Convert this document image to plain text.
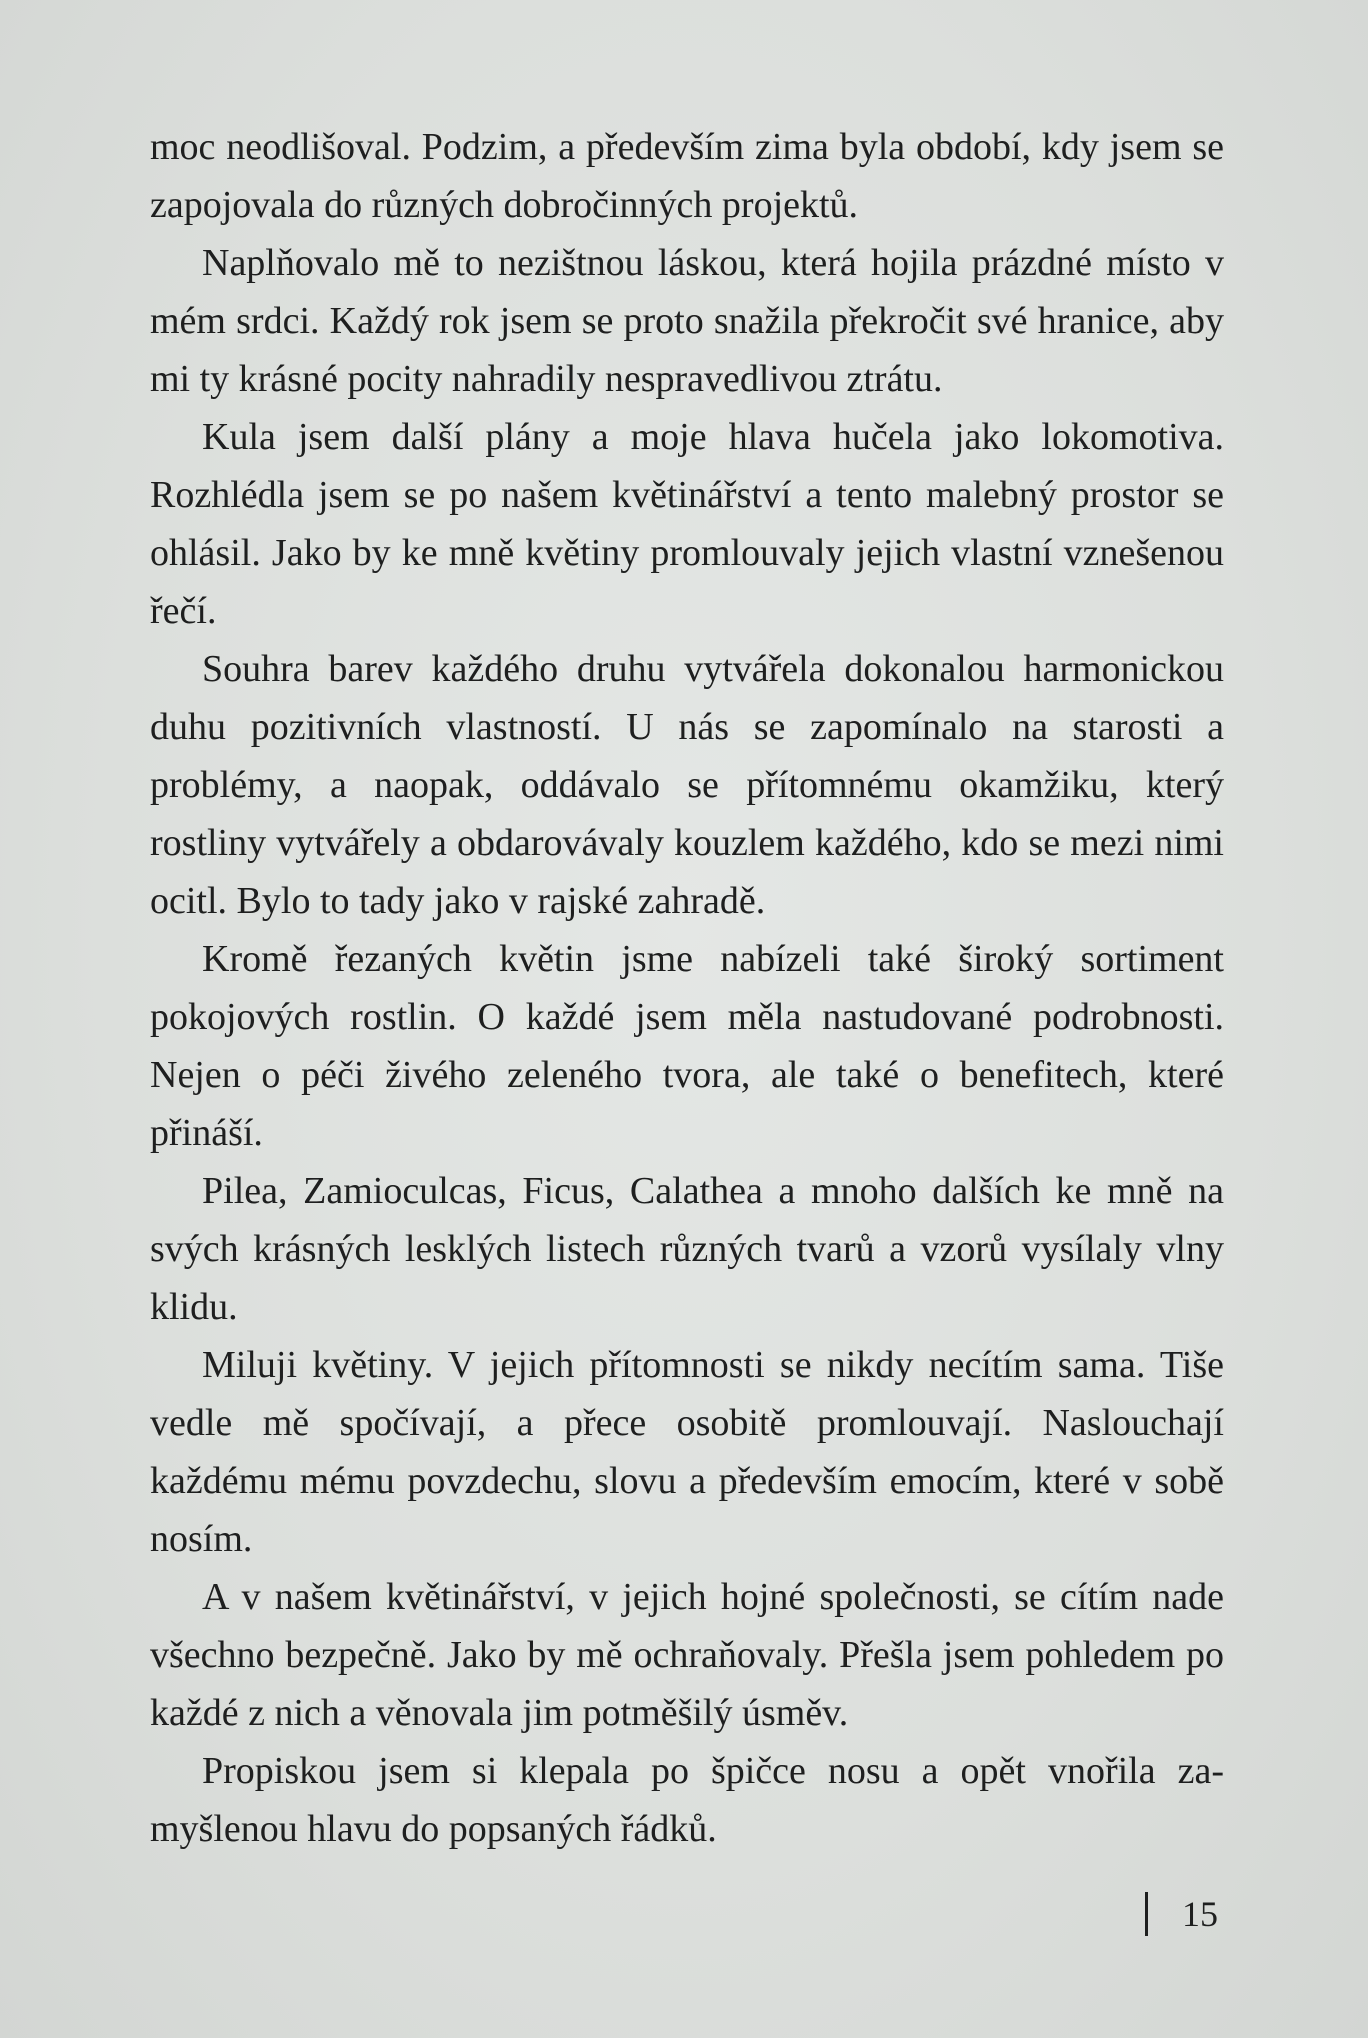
moc neodlišoval. Podzim, a především zima byla období, kdy jsem se zapojovala do různých dobročinných projektů.

Naplňovalo mě to nezištnou láskou, která hojila prázdné místo v mém srdci. Každý rok jsem se proto snažila překročit své hranice, aby mi ty krásné pocity nahradily nespravedlivou ztrátu.

Kula jsem další plány a moje hlava hučela jako lokomotiva. Rozhlédla jsem se po našem květinářství a tento malebný prostor se ohlásil. Jako by ke mně květiny promlouvaly jejich vlastní vznešenou řečí.

Souhra barev každého druhu vytvářela dokonalou harmonickou duhu pozitivních vlastností. U nás se zapomínalo na starosti a problémy, a naopak, oddávalo se přítomnému okamžiku, který rostliny vytvářely a obdarovávaly kouzlem každého, kdo se mezi nimi ocitl. Bylo to tady jako v rajské zahradě.

Kromě řezaných květin jsme nabízeli také široký sortiment pokojových rostlin. O každé jsem měla nastudované podrobnosti. Nejen o péči živého zeleného tvora, ale také o benefitech, které přináší.

Pilea, Zamioculcas, Ficus, Calathea a mnoho dalších ke mně na svých krásných lesklých listech různých tvarů a vzorů vysílaly vlny klidu.

Miluji květiny. V jejich přítomnosti se nikdy necítím sama. Tiše vedle mě spočívají, a přece osobitě promlouvají. Naslouchají každému mému povzdechu, slovu a především emocím, které v sobě nosím.

A v našem květinářství, v jejich hojné společnosti, se cítím nade všechno bezpečně. Jako by mě ochraňovaly. Přešla jsem pohledem po každé z nich a věnovala jim potměšilý úsměv.

Propiskou jsem si klepala po špičce nosu a opět vnořila zamyšlenou hlavu do popsaných řádků.

15
